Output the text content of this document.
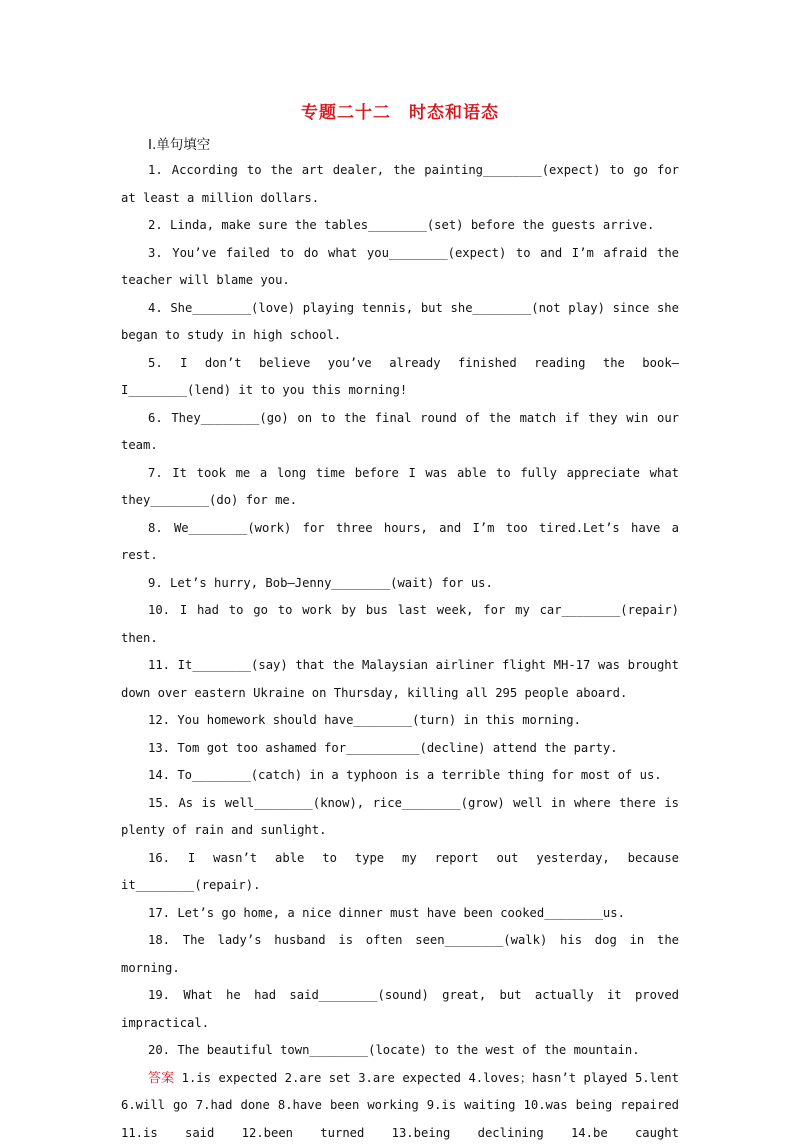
专题二十二　时态和语态
Ⅰ.单句填空

1. According to the art dealer, the painting________(expect) to go for at least a million dollars.

2. Linda, make sure the tables________(set) before the guests arrive.

3. You’ve failed to do what you________(expect) to and I’m afraid the teacher will blame you.

4. She________(love) playing tennis, but she________(not play) since she began to study in high school.

5. I don’t believe you’ve already finished reading the book—I________(lend) it to you this morning!

6. They________(go) on to the final round of the match if they win our team.

7. It took me a long time before I was able to fully appreciate what they________(do) for me.

8. We________(work) for three hours, and I’m too tired.Let’s have a rest.

9. Let’s hurry, Bob—Jenny________(wait) for us.

10. I had to go to work by bus last week, for my car________(repair) then.

11. It________(say) that the Malaysian airliner flight MH-17 was brought down over eastern Ukraine on Thursday, killing all 295 people aboard.

12. You homework should have________(turn) in this morning.

13. Tom got too ashamed for__________(decline) attend the party.

14. To________(catch) in a typhoon is a terrible thing for most of us.

15. As is well________(know), rice________(grow) well in where there is plenty of rain and sunlight.

16. I wasn’t able to type my report out yesterday, because it________(repair).

17. Let’s go home, a nice dinner must have been cooked________us.

18. The lady’s husband is often seen________(walk) his dog in the morning.

19. What he had said________(sound) great, but actually it proved impractical.

20. The beautiful town________(locate) to the west of the mountain.

答案 1.is expected 2.are set 3.are expected 4.loves；hasn’t played 5.lent 6.will go 7.had done 8.have been working 9.is waiting 10.was being repaired 11.is said 12.been turned 13.being declining 14.be caught
